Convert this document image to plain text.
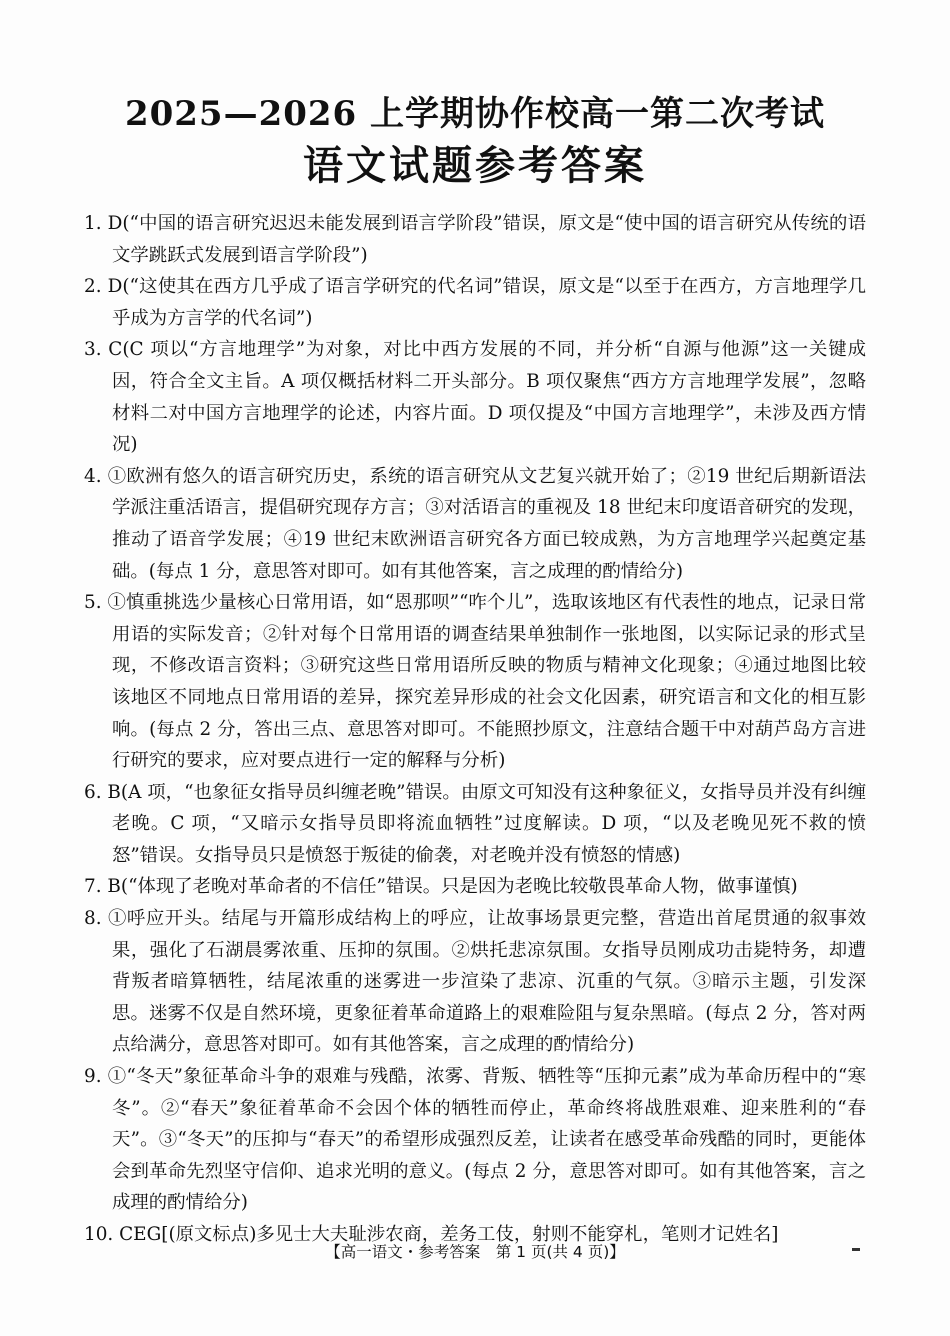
2025—2026 上学期协作校高一第二次考试
语文试题参考答案

1. D(“中国的语言研究迟迟未能发展到语言学阶段”错误，原文是“使中国的语言研究从传统的语文学跳跃式发展到语言学阶段”)

2. D(“这使其在西方几乎成了语言学研究的代名词”错误，原文是“以至于在西方，方言地理学几乎成为方言学的代名词”)

3. C(C 项以“方言地理学”为对象，对比中西方发展的不同，并分析“自源与他源”这一关键成因，符合全文主旨。A 项仅概括材料二开头部分。B 项仅聚焦“西方方言地理学发展”，忽略材料二对中国方言地理学的论述，内容片面。D 项仅提及“中国方言地理学”，未涉及西方情况)

4. ①欧洲有悠久的语言研究历史，系统的语言研究从文艺复兴就开始了；②19 世纪后期新语法学派注重活语言，提倡研究现存方言；③对活语言的重视及 18 世纪末印度语音研究的发现，推动了语音学发展；④19 世纪末欧洲语言研究各方面已较成熟，为方言地理学兴起奠定基础。(每点 1 分，意思答对即可。如有其他答案，言之成理的酌情给分)

5. ①慎重挑选少量核心日常用语，如“恩那呗”“咋个儿”，选取该地区有代表性的地点，记录日常用语的实际发音；②针对每个日常用语的调查结果单独制作一张地图，以实际记录的形式呈现，不修改语言资料；③研究这些日常用语所反映的物质与精神文化现象；④通过地图比较该地区不同地点日常用语的差异，探究差异形成的社会文化因素，研究语言和文化的相互影响。(每点 2 分，答出三点、意思答对即可。不能照抄原文，注意结合题干中对葫芦岛方言进行研究的要求，应对要点进行一定的解释与分析)

6. B(A 项，“也象征女指导员纠缠老晚”错误。由原文可知没有这种象征义，女指导员并没有纠缠老晚。C 项，“又暗示女指导员即将流血牺牲”过度解读。D 项，“以及老晚见死不救的愤怒”错误。女指导员只是愤怒于叛徒的偷袭，对老晚并没有愤怒的情感)

7. B(“体现了老晚对革命者的不信任”错误。只是因为老晚比较敬畏革命人物，做事谨慎)

8. ①呼应开头。结尾与开篇形成结构上的呼应，让故事场景更完整，营造出首尾贯通的叙事效果，强化了石湖晨雾浓重、压抑的氛围。②烘托悲凉氛围。女指导员刚成功击毙特务，却遭背叛者暗算牺牲，结尾浓重的迷雾进一步渲染了悲凉、沉重的气氛。③暗示主题，引发深思。迷雾不仅是自然环境，更象征着革命道路上的艰难险阻与复杂黑暗。(每点 2 分，答对两点给满分，意思答对即可。如有其他答案，言之成理的酌情给分)

9. ①“冬天”象征革命斗争的艰难与残酷，浓雾、背叛、牺牲等“压抑元素”成为革命历程中的“寒冬”。②“春天”象征着革命不会因个体的牺牲而停止，革命终将战胜艰难、迎来胜利的“春天”。③“冬天”的压抑与“春天”的希望形成强烈反差，让读者在感受革命残酷的同时，更能体会到革命先烈坚守信仰、追求光明的意义。(每点 2 分，意思答对即可。如有其他答案，言之成理的酌情给分)

10. CEG[(原文标点)多见士大夫耻涉农商，差务工伎，射则不能穿札，笔则才记姓名]

【高一语文・参考答案　第 1 页(共 4 页)】
